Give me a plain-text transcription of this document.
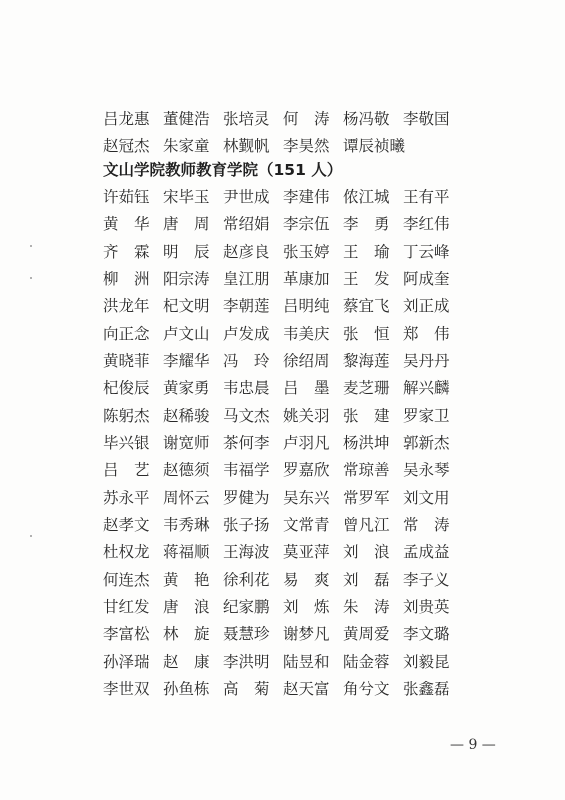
吕龙惠 董健浩 张培灵 何涛
杨冯敬 李敬国
赵冠杰 朱家童 林觐帆 李昊然 谭辰祯曦
文山学院教师教育学院（151 人）
许茹钰 宋毕玉 尹世成 李建伟 侬江城 王有平
黄华
唐周
常绍娟 李宗伍 李勇
李红伟
齐霖
明辰
赵彦良 张玉婷 王瑜
丁云峰
柳洲
阳宗涛 皇江朋 革康加 王发
阿成奎
洪龙年 杞文明 李朝莲 吕明纯 蔡宜飞 刘正成
向正念 卢文山 卢发成 韦美庆 张恒
郑伟
黄晓菲 李耀华 冯玲
徐绍周 黎海莲 吴丹丹
杞俊辰 黄家勇 韦忠晨 吕墨
麦芝珊 解兴麟
陈躬杰 赵稀骏 马文杰 姚关羽 张建
罗家卫
毕兴银 谢宽师 茶何李 卢羽凡 杨洪坤 郭新杰
吕艺
赵德须 韦福学 罗嘉欣 常琼善 吴永琴
苏永平 周怀云 罗健为 吴东兴 常罗军 刘文用
赵孝文 韦秀琳 张子扬 文常青 曾凡江 常涛
杜权龙 蒋福顺 王海波 莫亚萍 刘浪
孟成益
何连杰 黄艳
徐利花 易爽
刘磊
李子义
甘红发 唐浪
纪家鹏 刘炼
朱涛
刘贵英
李富松 林旋
聂慧珍 谢梦凡 黄周爱 李文璐
孙泽瑞 赵康
李洪明 陆昱和 陆金蓉 刘毅昆
李世双 孙鱼栋 高菊
赵天富 角兮文 张鑫磊
— 9 —
